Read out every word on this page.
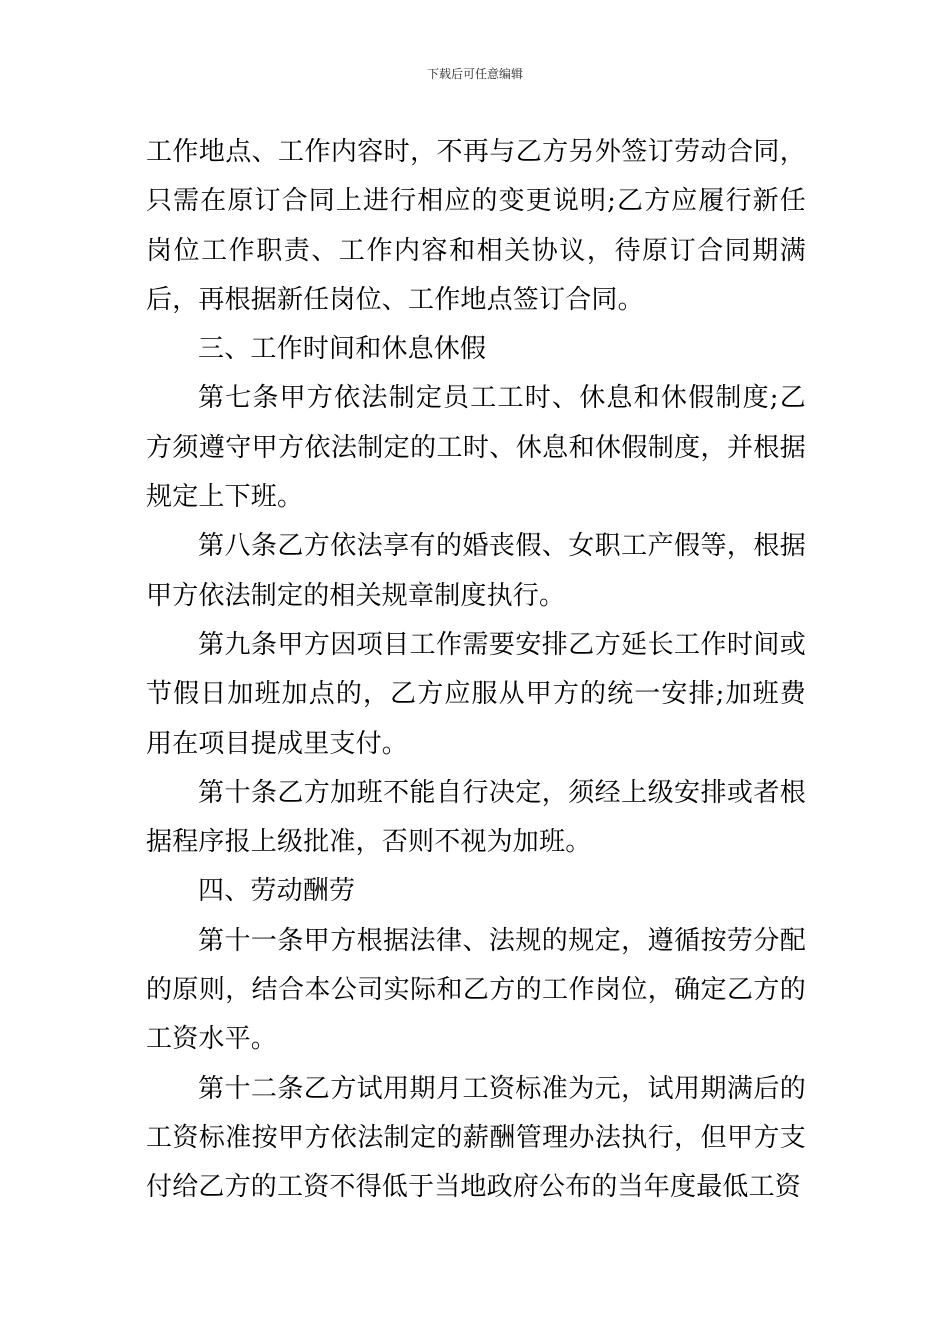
下载后可任意编辑

工作地点、工作内容时，不再与乙方另外签订劳动合同，只需在原订合同上进行相应的变更说明;乙方应履行新任岗位工作职责、工作内容和相关协议，待原订合同期满后，再根据新任岗位、工作地点签订合同。

三、工作时间和休息休假

第七条甲方依法制定员工工时、休息和休假制度;乙方须遵守甲方依法制定的工时、休息和休假制度，并根据规定上下班。

第八条乙方依法享有的婚丧假、女职工产假等，根据甲方依法制定的相关规章制度执行。

第九条甲方因项目工作需要安排乙方延长工作时间或节假日加班加点的，乙方应服从甲方的统一安排;加班费用在项目提成里支付。

第十条乙方加班不能自行决定，须经上级安排或者根据程序报上级批准，否则不视为加班。

四、劳动酬劳

第十一条甲方根据法律、法规的规定，遵循按劳分配的原则，结合本公司实际和乙方的工作岗位，确定乙方的工资水平。

第十二条乙方试用期月工资标准为元，试用期满后的工资标准按甲方依法制定的薪酬管理办法执行，但甲方支付给乙方的工资不得低于当地政府公布的当年度最低工资
